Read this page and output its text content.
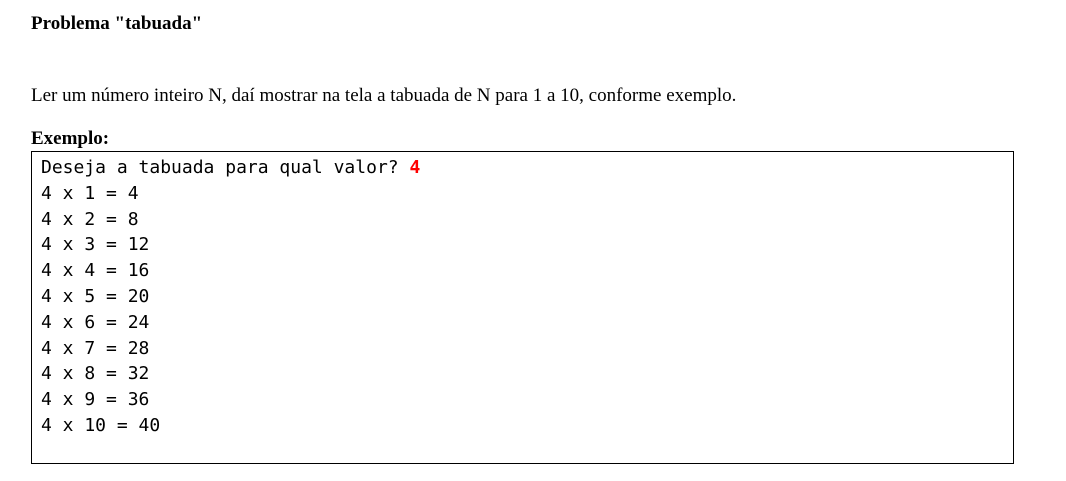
Problema "tabuada"
Ler um número inteiro N, daí mostrar na tela a tabuada de N para 1 a 10, conforme exemplo.
Exemplo:
Deseja a tabuada para qual valor? 4
4 x 1 = 4
4 x 2 = 8
4 x 3 = 12
4 x 4 = 16
4 x 5 = 20
4 x 6 = 24
4 x 7 = 28
4 x 8 = 32
4 x 9 = 36
4 x 10 = 40
